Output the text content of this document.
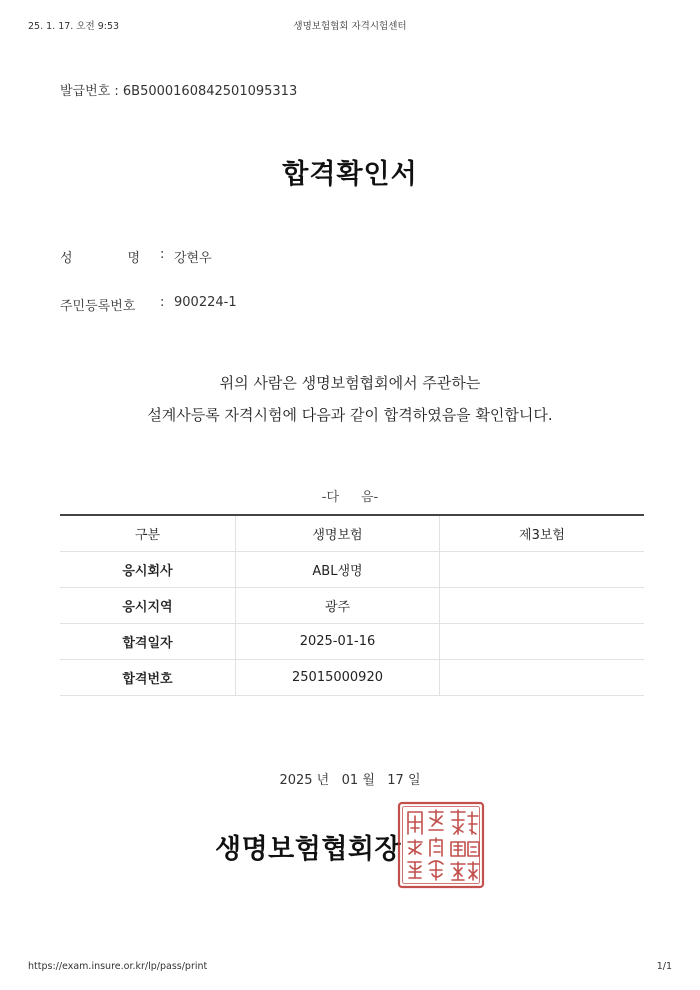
25. 1. 17. 오전 9:53	생명보험협회 자격시험센터
발급번호 : 6B5000160842501095313
합격확인서
성	명 : 강현우
주민등록번호 : 900224-1
위의 사람은 생명보험협회에서 주관하는
설계사등록 자격시험에 다음과 같이 합격하였음을 확인합니다.
-다 음-
구분	생명보험	제3보험
응시회사	ABL생명	
응시지역	광주	
합격일자	2025-01-16	
합격번호	25015000920	
2025 년   01 월   17 일
생명보험협회장
https://exam.insure.or.kr/lp/pass/print	1/1
